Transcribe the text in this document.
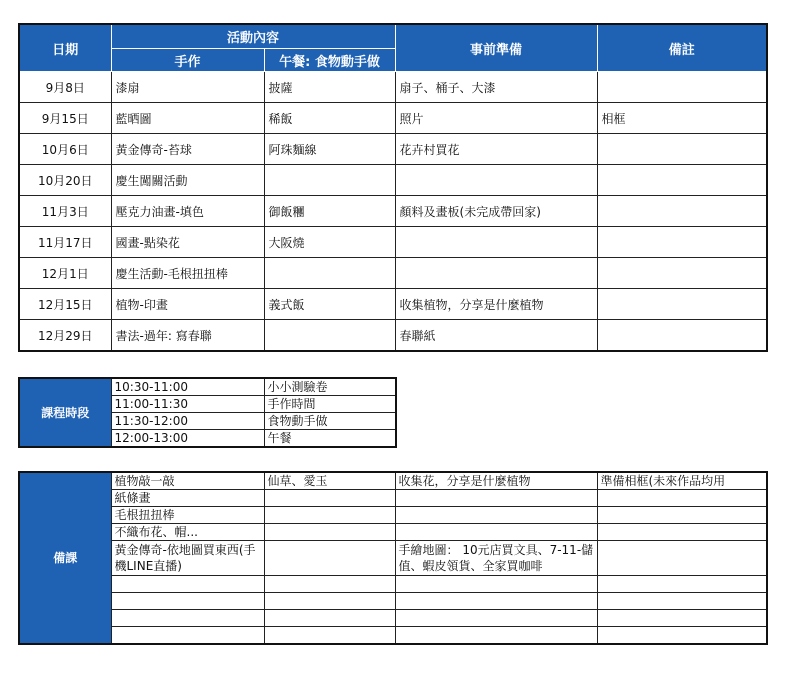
日期	活動內容		事前準備	備註
	手作	午餐: 食物動手做		
9月8日	漆扇	披薩	扇子、桶子、大漆	
9月15日	藍晒圖	稀飯	照片	相框
10月6日	黃金傳奇-苔球	阿珠麵線	花卉村買花	
10月20日	慶生闖關活動			
11月3日	壓克力油畫-填色	御飯糰	顏料及畫板(未完成帶回家)	
11月17日	國畫-點染花	大阪燒		
12月1日	慶生活動-毛根扭扭棒			
12月15日	植物-印畫	義式飯	收集植物，分享是什麼植物	
12月29日	書法-過年: 寫春聯		春聯紙	
課程時段	10:30-11:00	小小測驗卷
	11:00-11:30	手作時間
	11:30-12:00	食物動手做
	12:00-13:00	午餐
備課	植物敲一敲	仙草、愛玉	收集花，分享是什麼植物	準備相框(未來作品均用
	紙條畫			
	毛根扭扭棒			
	不織布花、帽...			
	黃金傳奇-依地圖買東西(手機LINE直播)		手繪地圖： 10元店買文具、7-11-儲值、蝦皮領貨、全家買咖啡	
